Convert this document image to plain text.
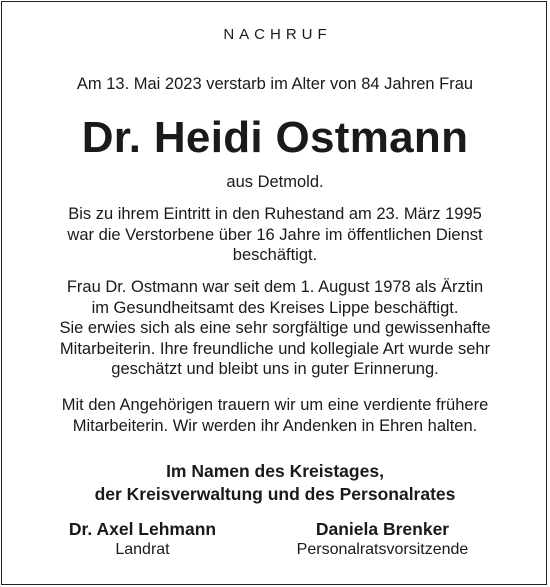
NACHRUF
Am 13. Mai 2023 verstarb im Alter von 84 Jahren Frau
Dr. Heidi Ostmann
aus Detmold.
Bis zu ihrem Eintritt in den Ruhestand am 23. März 1995
war die Verstorbene über 16 Jahre im öffentlichen Dienst
beschäftigt.
Frau Dr. Ostmann war seit dem 1. August 1978 als Ärztin
im Gesundheitsamt des Kreises Lippe beschäftigt.
Sie erwies sich als eine sehr sorgfältige und gewissenhafte
Mitarbeiterin. Ihre freundliche und kollegiale Art wurde sehr
geschätzt und bleibt uns in guter Erinnerung.
Mit den Angehörigen trauern wir um eine verdiente frühere
Mitarbeiterin. Wir werden ihr Andenken in Ehren halten.
Im Namen des Kreistages,
der Kreisverwaltung und des Personalrates
Dr. Axel Lehmann
Landrat
Daniela Brenker
Personalratsvorsitzende
